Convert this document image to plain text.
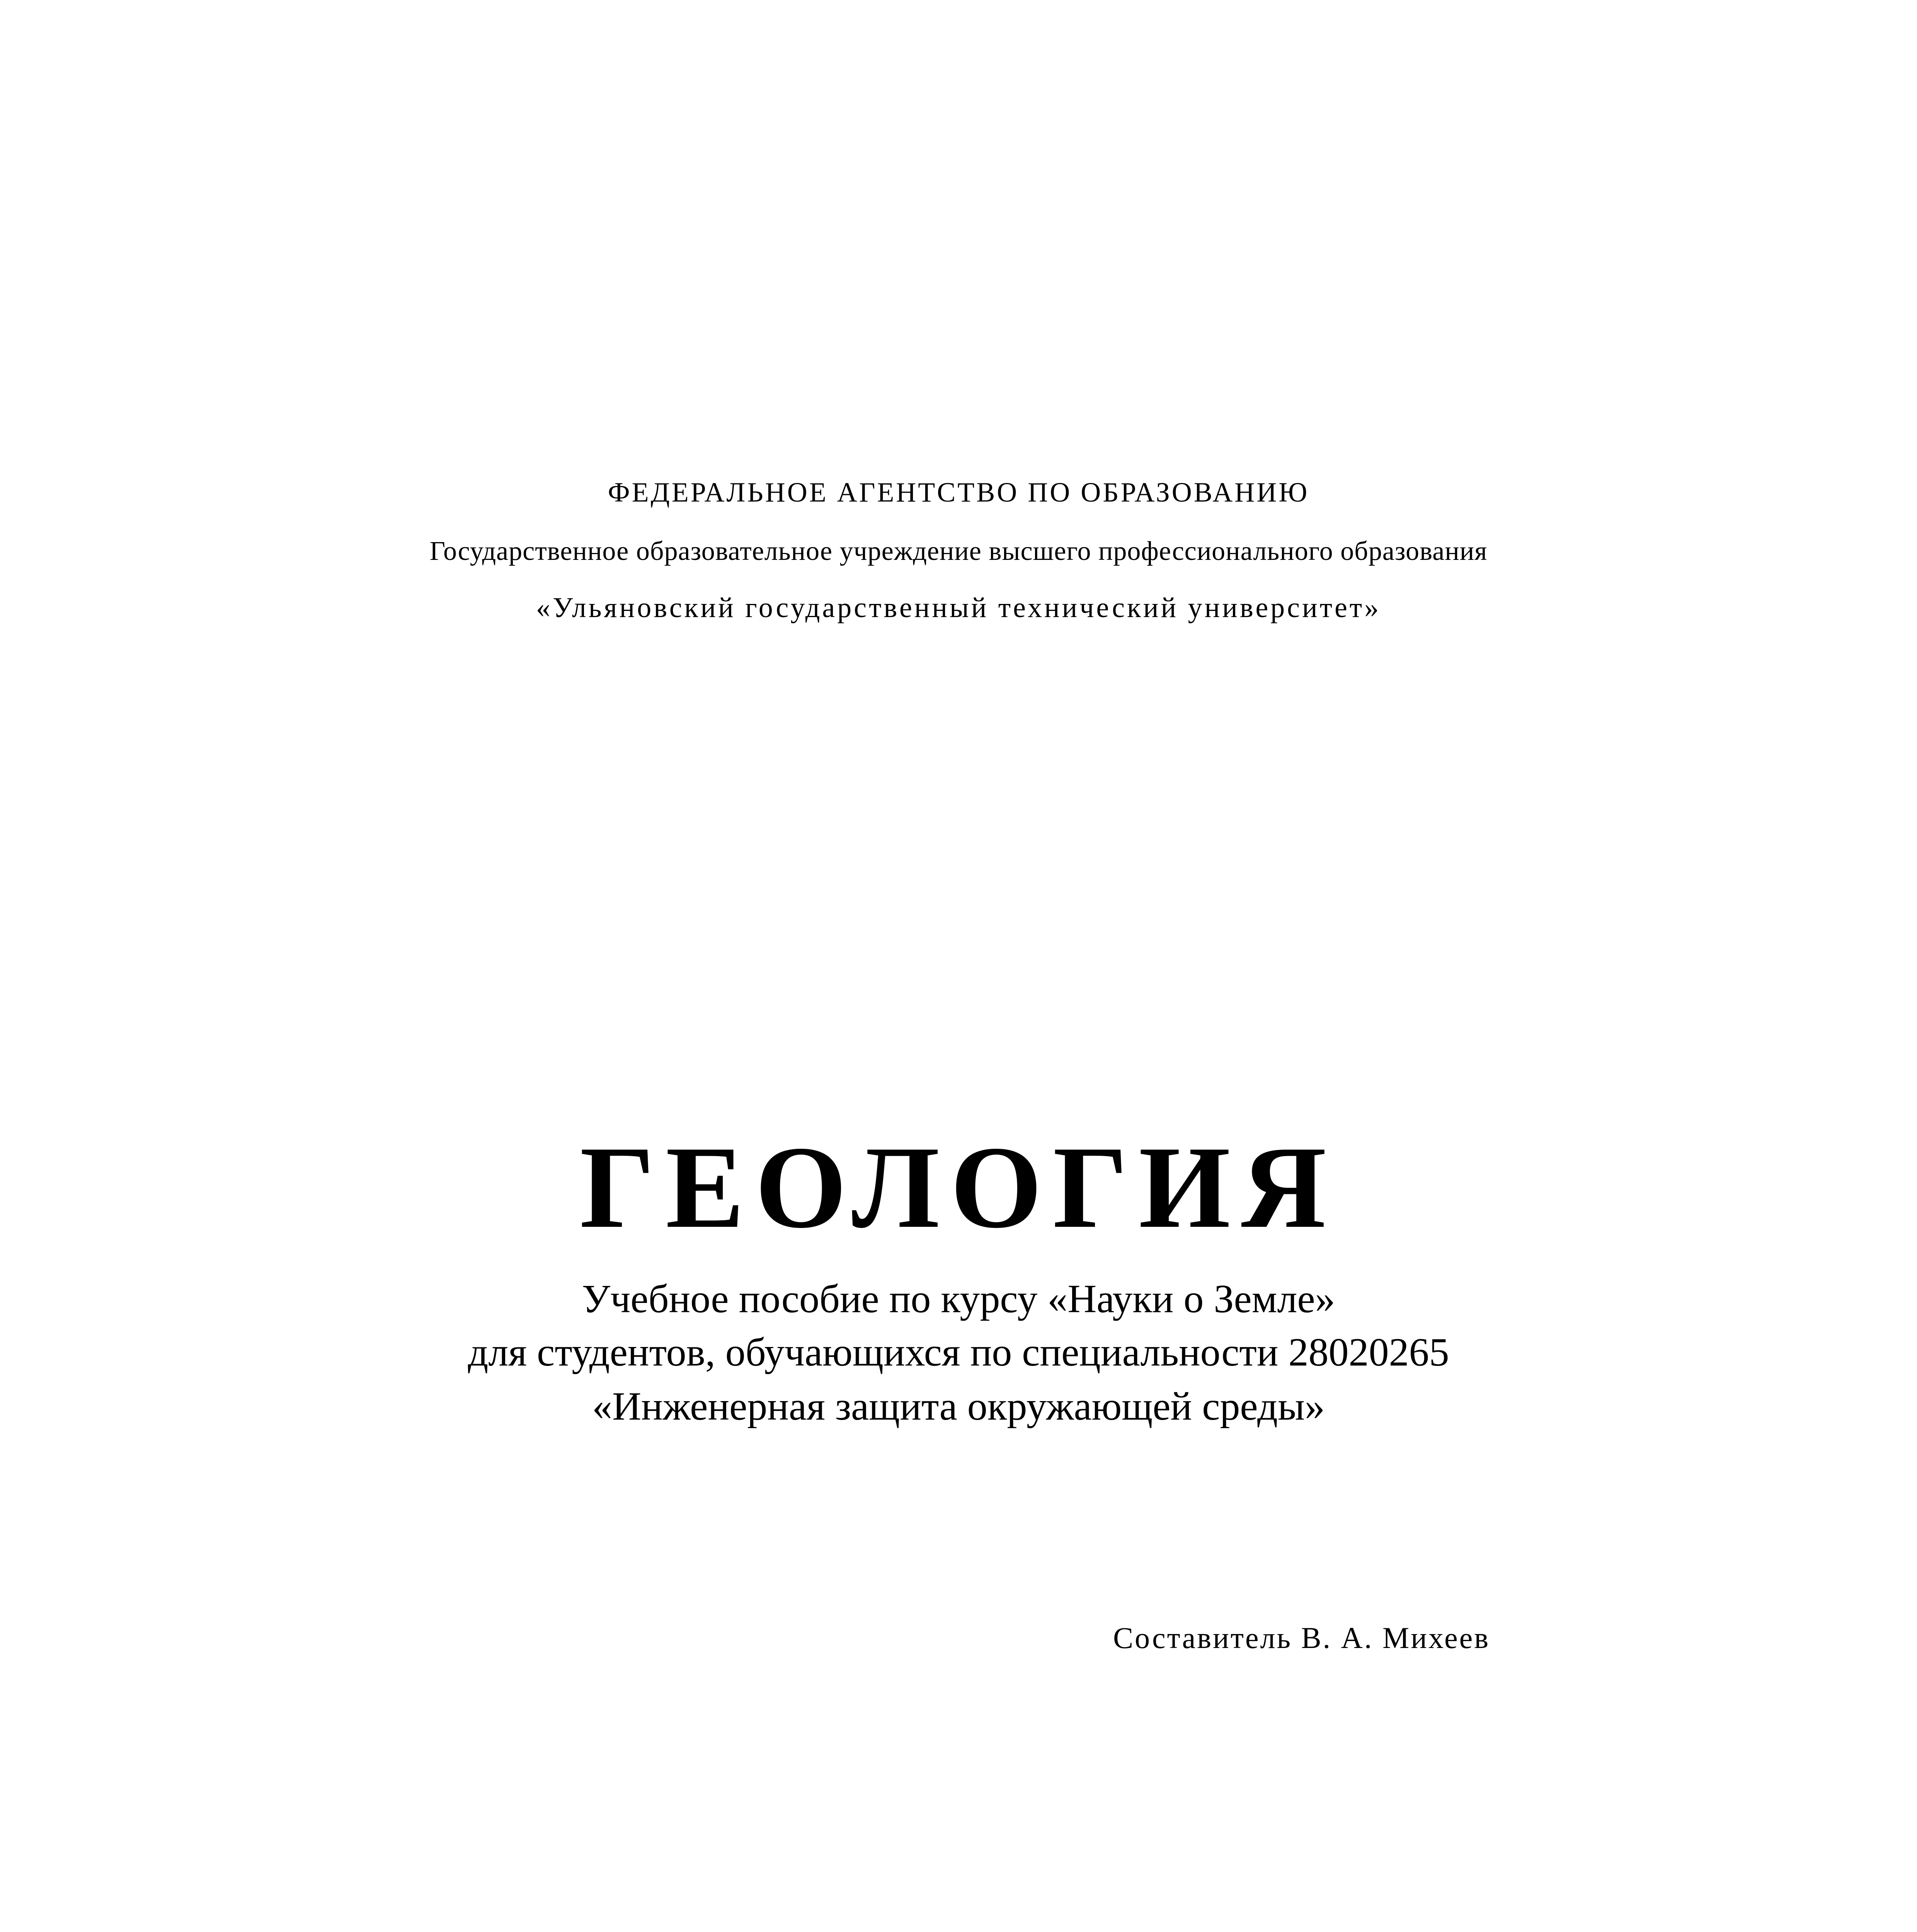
ФЕДЕРАЛЬНОЕ АГЕНТСТВО ПО ОБРАЗОВАНИЮ
Государственное образовательное учреждение высшего профессионального образования
«Ульяновский государственный технический университет»
ГЕОЛОГИЯ
Учебное пособие по курсу «Науки о Земле»
для студентов, обучающихся по специальности 28020265
«Инженерная защита окружающей среды»
Составитель В. А. Михеев
